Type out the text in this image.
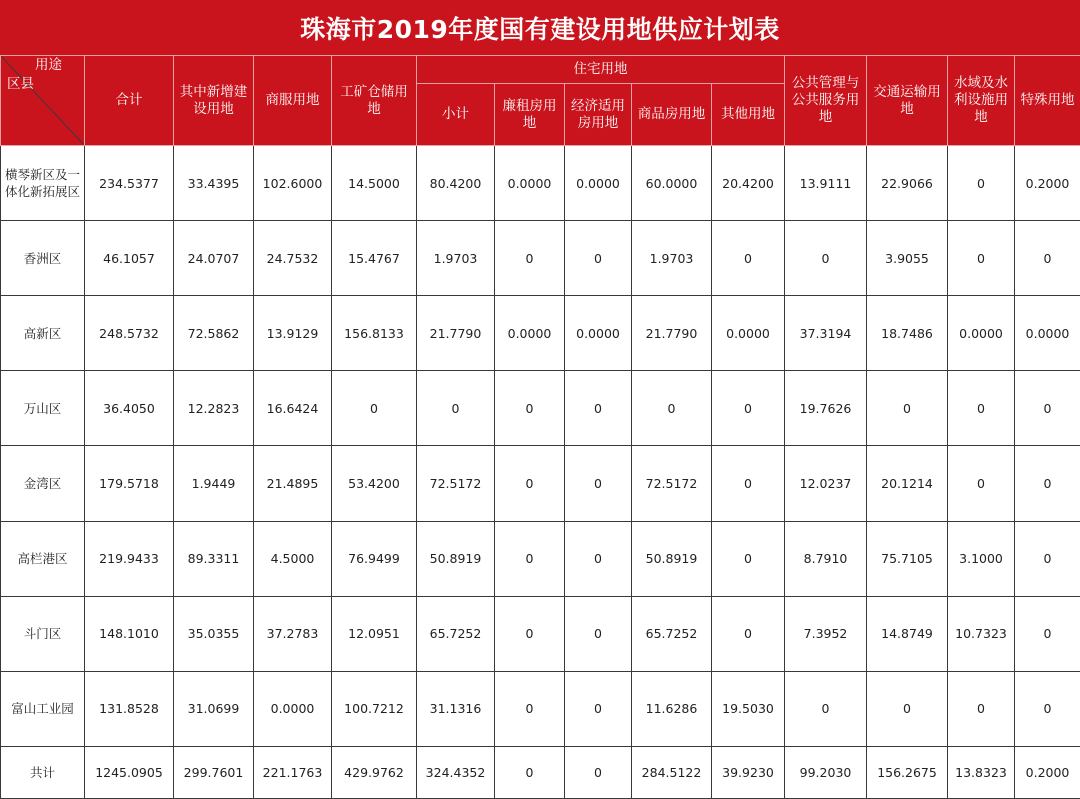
珠海市2019年度国有建设用地供应计划表
用途
区县	合计	其中新增建设用地	商服用地	工矿仓储用地	住宅用地					公共管理与公共服务用地	交通运输用地	水域及水利设施用地	特殊用地
					小计	廉租房用地	经济适用房用地	商品房用地	其他用地				
横琴新区及一体化新拓展区	234.5377	33.4395	102.6000	14.5000	80.4200	0.0000	0.0000	60.0000	20.4200	13.9111	22.9066	0	0.2000
香洲区	46.1057	24.0707	24.7532	15.4767	1.9703	0	0	1.9703	0	0	3.9055	0	0
高新区	248.5732	72.5862	13.9129	156.8133	21.7790	0.0000	0.0000	21.7790	0.0000	37.3194	18.7486	0.0000	0.0000
万山区	36.4050	12.2823	16.6424	0	0	0	0	0	0	19.7626	0	0	0
金湾区	179.5718	1.9449	21.4895	53.4200	72.5172	0	0	72.5172	0	12.0237	20.1214	0	0
高栏港区	219.9433	89.3311	4.5000	76.9499	50.8919	0	0	50.8919	0	8.7910	75.7105	3.1000	0
斗门区	148.1010	35.0355	37.2783	12.0951	65.7252	0	0	65.7252	0	7.3952	14.8749	10.7323	0
富山工业园	131.8528	31.0699	0.0000	100.7212	31.1316	0	0	11.6286	19.5030	0	0	0	0
共计	1245.0905	299.7601	221.1763	429.9762	324.4352	0	0	284.5122	39.9230	99.2030	156.2675	13.8323	0.2000
